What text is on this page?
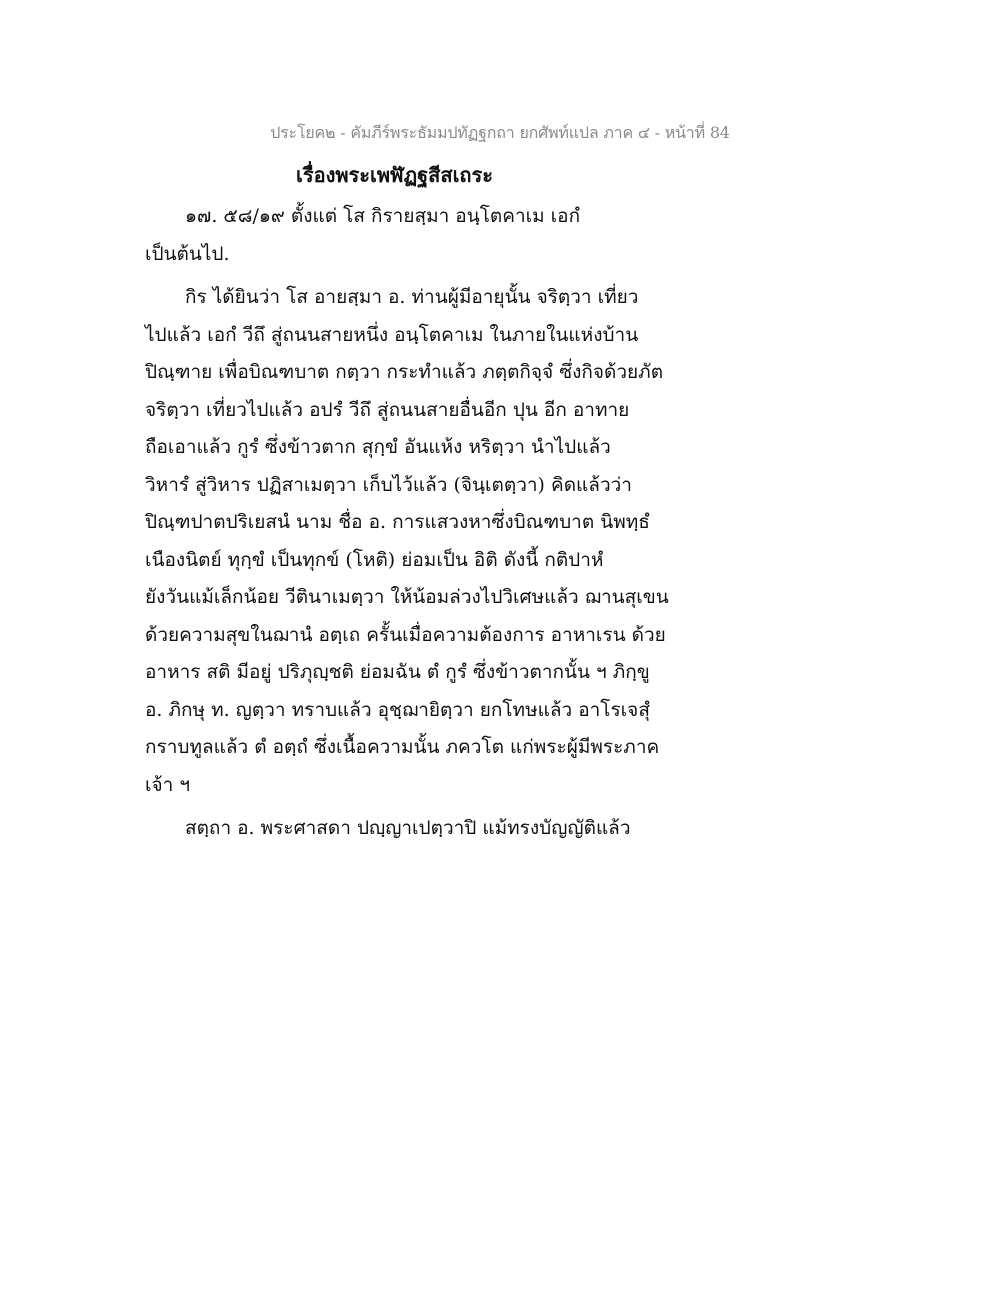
ประโยค๒ - คัมภีร์พระธัมมปทัฏฐกถา ยกศัพท์แปล ภาค ๔ - หน้าที่ 84
เรื่องพระเพฬัฏฐสีสเถระ
๑๗. ๕๘/๑๙ ตั้งแต่ โส กิรายสฺมา อนฺโตคาเม เอกํ
เป็นต้นไป.
กิร ได้ยินว่า โส อายสฺมา อ. ท่านผู้มีอายุนั้น จริตฺวา เที่ยว
ไปแล้ว เอกํ วีถึ สู่ถนนสายหนึ่ง อนฺโตคาเม ในภายในแห่งบ้าน
ปิณฺฑาย เพื่อบิณฑบาต กตฺวา กระทำแล้ว ภตฺตกิจฺจํ ซึ่งกิจด้วยภัต
จริตฺวา เที่ยวไปแล้ว อปรํ วีถึ สู่ถนนสายอื่นอีก ปุน อีก อาทาย
ถือเอาแล้ว กูรํ ซึ่งข้าวตาก สุกฺขํ อันแห้ง หริตฺวา นำไปแล้ว
วิหารํ สู่วิหาร ปฏิสาเมตฺวา เก็บไว้แล้ว (จินฺเตตฺวา) คิดแล้วว่า
ปิณฺฑปาตปริเยสนํ นาม ชื่อ อ. การแสวงหาซึ่งบิณฑบาต นิพทฺธํ
เนืองนิตย์ ทุกฺขํ เป็นทุกข์ (โหติ) ย่อมเป็น อิติ ดังนี้ กติปาหํ
ยังวันแม้เล็กน้อย วีตินาเมตฺวา ให้น้อมล่วงไปวิเศษแล้ว ฌานสุเขน
ด้วยความสุขในฌานํ อตฺเถ ครั้นเมื่อความต้องการ อาหาเรน ด้วย
อาหาร สติ มีอยู่ ปริภุญฺชติ ย่อมฉัน ตํ กูรํ ซึ่งข้าวตากนั้น ฯ ภิกฺขู
อ. ภิกษุ ท. ญตฺวา ทราบแล้ว อุชฺฌายิตฺวา ยกโทษแล้ว อาโรเจสุํ
กราบทูลแล้ว ตํ อตฺถํ ซึ่งเนื้อความนั้น ภควโต แก่พระผู้มีพระภาค
เจ้า ฯ
สตฺถา อ. พระศาสดา ปญฺญาเปตฺวาปิ แม้ทรงบัญญัติแล้ว
